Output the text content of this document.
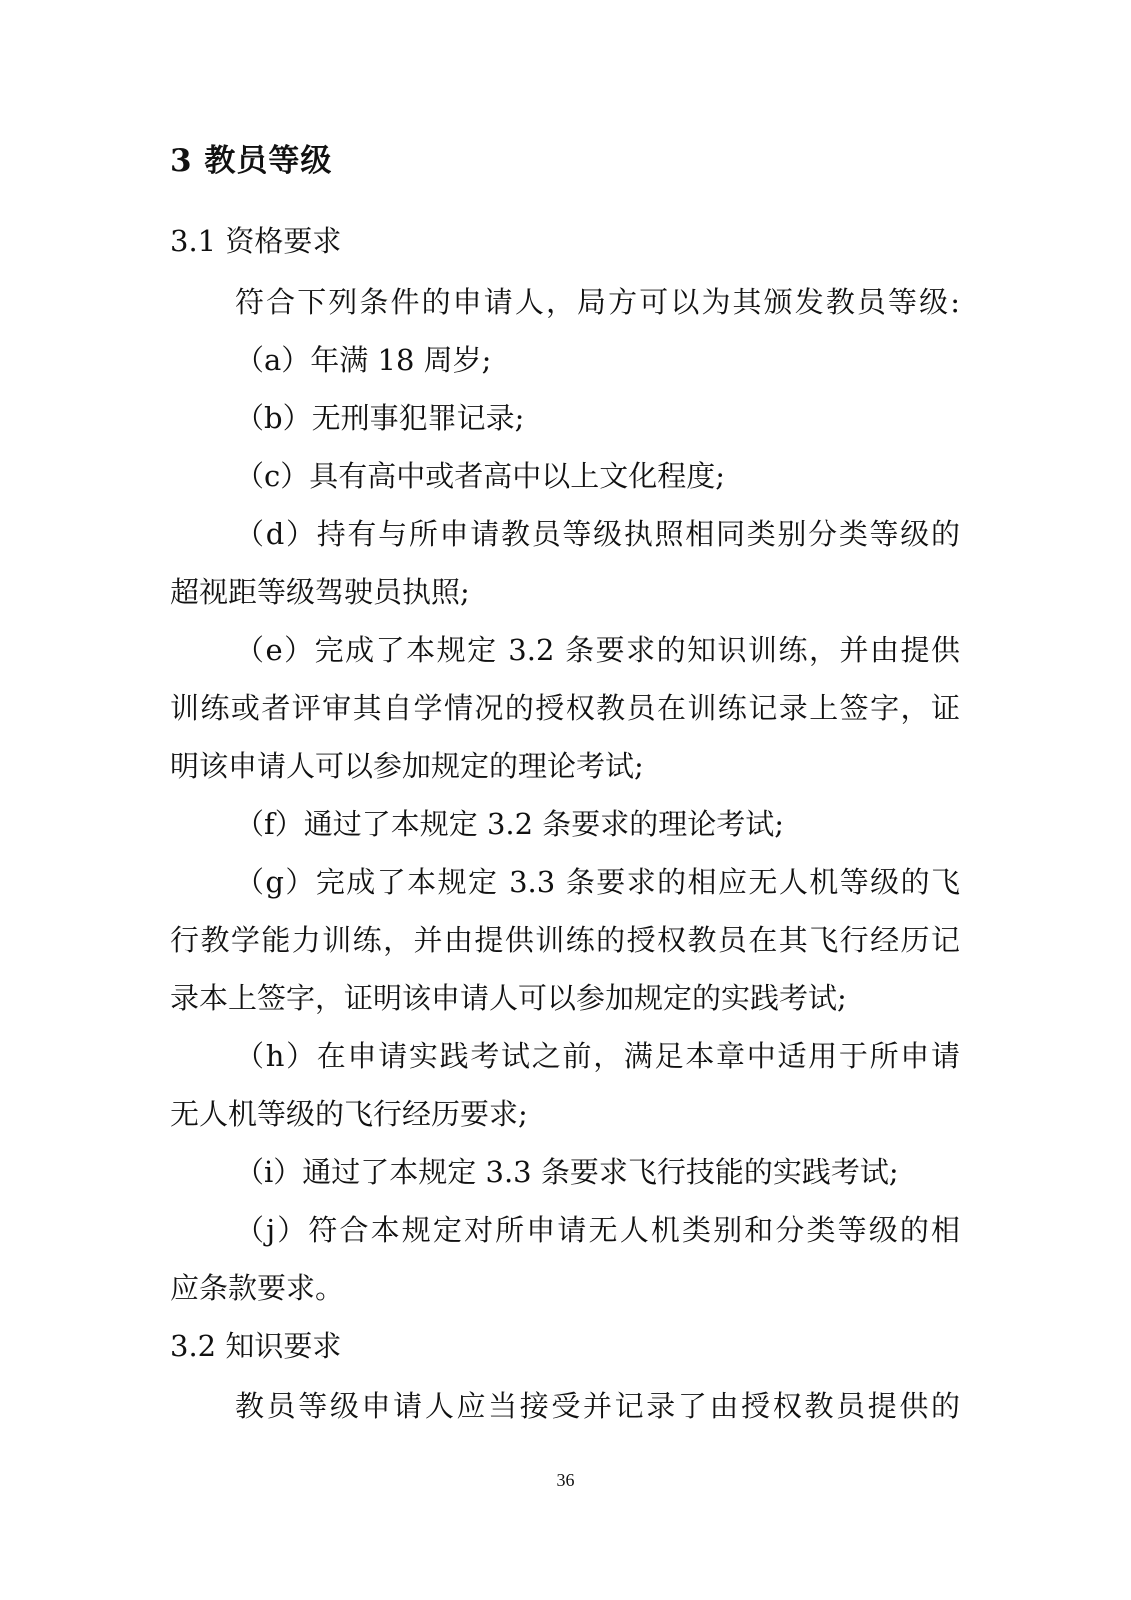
3 教员等级
3.1 资格要求
符合下列条件的申请人，局方可以为其颁发教员等级:
（a）年满 18 周岁;
（b）无刑事犯罪记录;
（c）具有高中或者高中以上文化程度;
（d）持有与所申请教员等级执照相同类别分类等级的
超视距等级驾驶员执照;
（e）完成了本规定 3.2 条要求的知识训练，并由提供
训练或者评审其自学情况的授权教员在训练记录上签字，证
明该申请人可以参加规定的理论考试;
（f）通过了本规定 3.2 条要求的理论考试;
（g）完成了本规定 3.3 条要求的相应无人机等级的飞
行教学能力训练，并由提供训练的授权教员在其飞行经历记
录本上签字，证明该申请人可以参加规定的实践考试;
（h）在申请实践考试之前，满足本章中适用于所申请
无人机等级的飞行经历要求;
（i）通过了本规定 3.3 条要求飞行技能的实践考试;
（j）符合本规定对所申请无人机类别和分类等级的相
应条款要求。
3.2 知识要求
教员等级申请人应当接受并记录了由授权教员提供的
36
